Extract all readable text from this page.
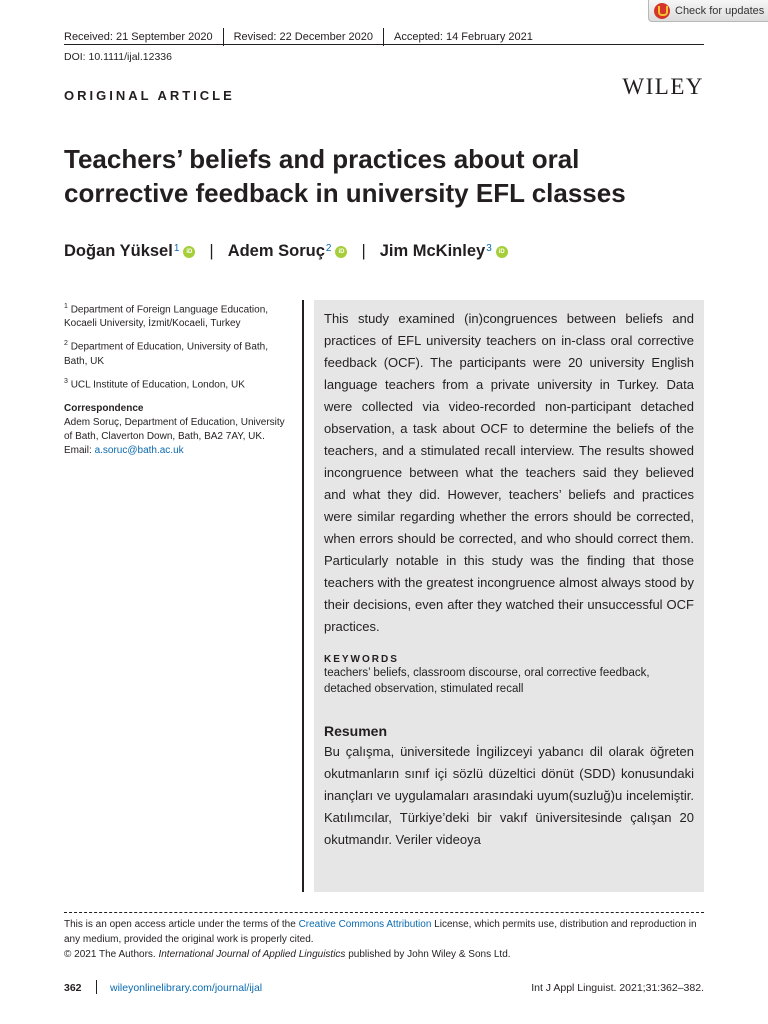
Check for updates
Received: 21 September 2020	Revised: 22 December 2020	Accepted: 14 February 2021
DOI: 10.1111/ijal.12336
ORIGINAL ARTICLE	WILEY
Teachers’ beliefs and practices about oral corrective feedback in university EFL classes
Doğan Yüksel$^1$	iD | Adem Soruç$^2$	iD | Jim McKinley$^3$	iD

$^1$ Department of Foreign Language Education, Kocaeli University, İzmit/Kocaeli, Turkey

$^2$ Department of Education, University of Bath, Bath, UK

$^3$ UCL Institute of Education, London, UK

Correspondence
Adem Soruç, Department of Education, University of Bath, Claverton Down, Bath, BA2 7AY, UK.
Email: a.soruc@bath.ac.uk

This study examined (in)congruences between beliefs and practices of EFL university teachers on in-class oral corrective feedback (OCF). The participants were 20 university English language teachers from a private university in Turkey. Data were collected via video-recorded non-participant detached observation, a task about OCF to determine the beliefs of the teachers, and a stimulated recall interview. The results showed incongruence between what the teachers said they believed and what they did. However, teachers’ beliefs and practices were similar regarding whether the errors should be corrected, when errors should be corrected, and who should correct them. Particularly notable in this study was the finding that those teachers with the greatest incongruence almost always stood by their decisions, even after they watched their unsuccessful OCF practices.

KEYWORDS

teachers’ beliefs, classroom discourse, oral corrective feedback, detached observation, stimulated recall

Resumen

Bu çalışma, üniversitede İngilizceyi yabancı dil olarak öğreten okutmanların sınıf içi sözlü düzeltici dönüt (SDD) konusundaki inançları ve uygulamaları arasındaki uyum(suzluğ)u incelemiştir. Katılımcılar, Türkiye’deki bir vakıf üniversitesinde çalışan 20 okutmandır. Veriler videoya

This is an open access article under the terms of the Creative Commons Attribution License, which permits use, distribution and reproduction in any medium, provided the original work is properly cited.
© 2021 The Authors. International Journal of Applied Linguistics published by John Wiley & Sons Ltd.
362	wileyonlinelibrary.com/journal/ijal	Int J Appl Linguist. 2021;31:362–382.
